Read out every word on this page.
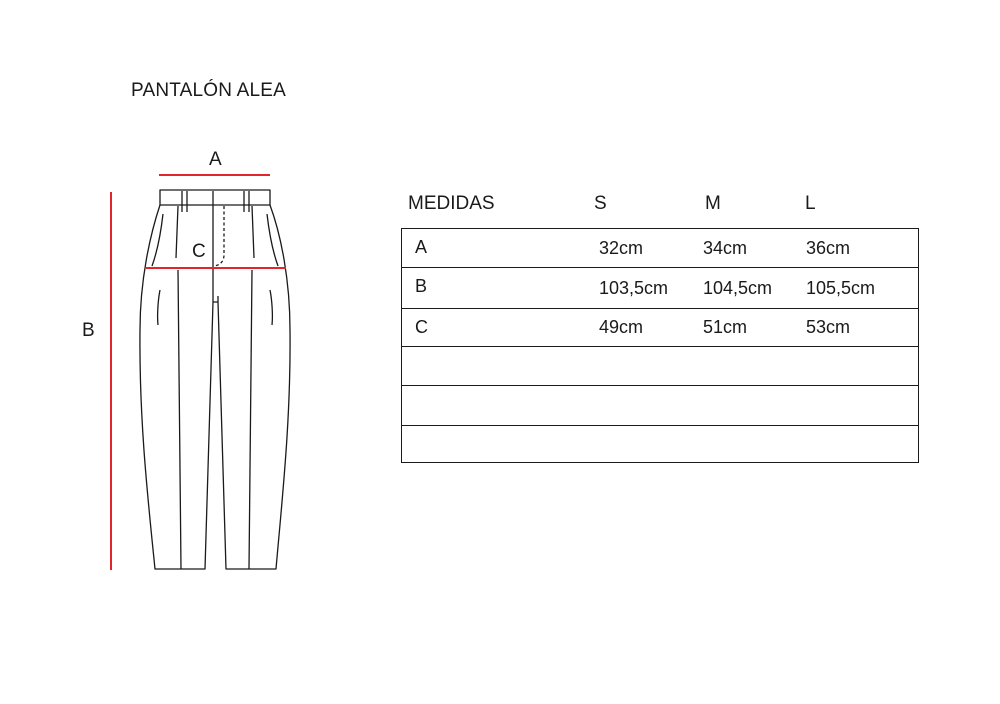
PANTALÓN ALEA
A
B
C
MEDIDAS	S	M	L
A	32cm	34cm	36cm
B	103,5cm	104,5cm	105,5cm
C	49cm	51cm	53cm
